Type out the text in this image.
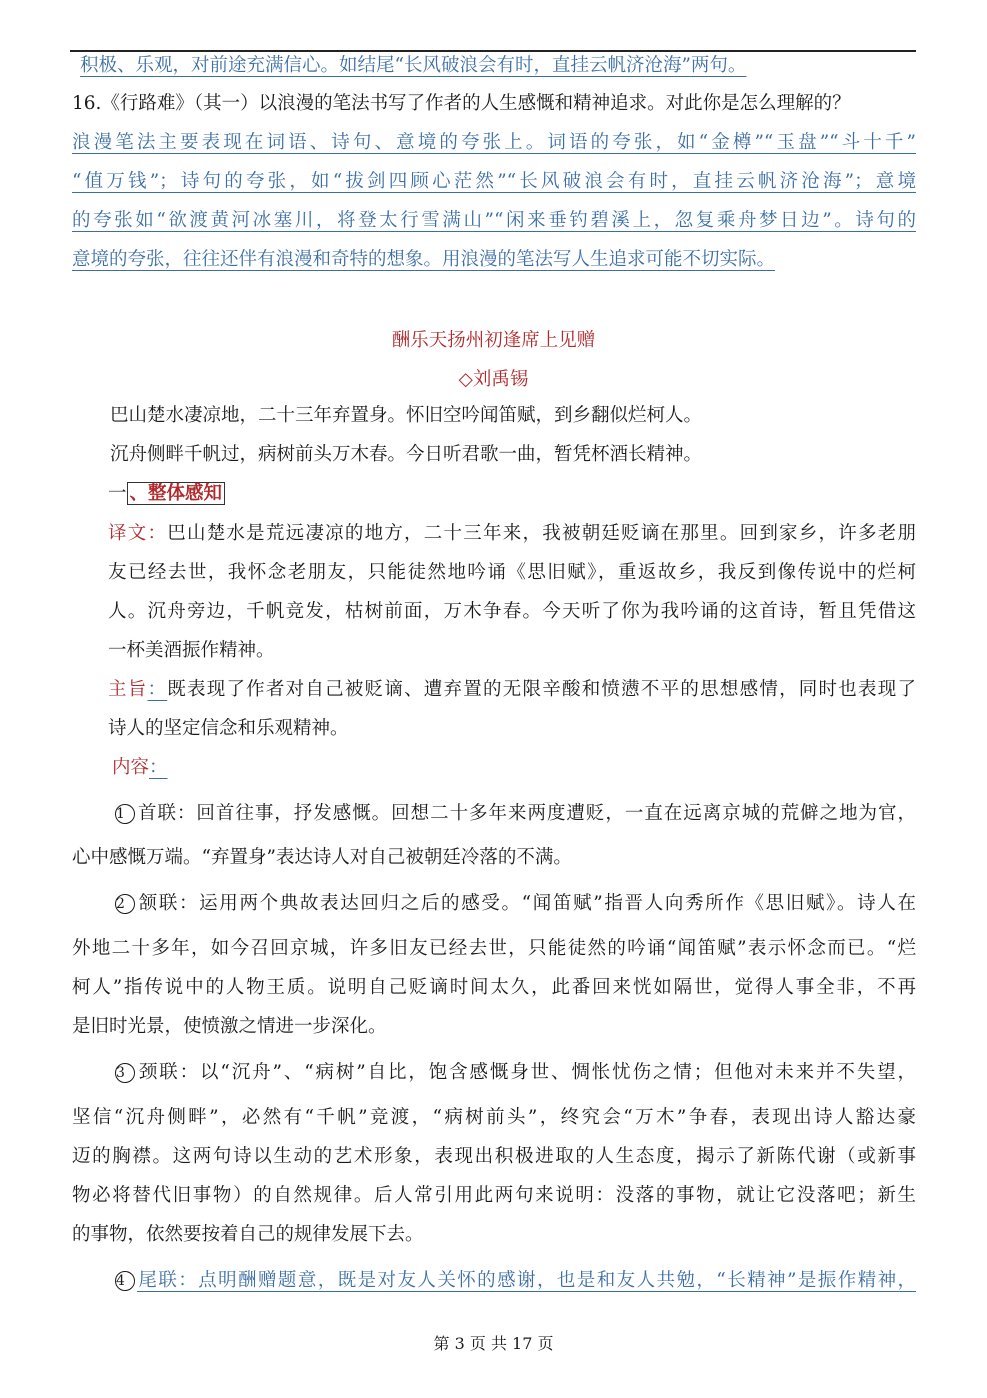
积极、乐观，对前途充满信心。如结尾“长风破浪会有时，直挂云帆济沧海”两句。
16.《行路难》（其一）以浪漫的笔法书写了作者的人生感慨和精神追求。对此你是怎么理解的？
浪漫笔法主要表现在词语、诗句、意境的夸张上。词语的夸张，如“金樽”“玉盘”“斗十千”
“值万钱”；诗句的夸张，如“拔剑四顾心茫然”“长风破浪会有时，直挂云帆济沧海”；意境
的夸张如“欲渡黄河冰塞川，将登太行雪满山”“闲来垂钓碧溪上，忽复乘舟梦日边”。诗句的
意境的夸张，往往还伴有浪漫和奇特的想象。用浪漫的笔法写人生追求可能不切实际。
酬乐天扬州初逢席上见赠
◇刘禹锡
巴山楚水凄凉地，二十三年弃置身。怀旧空吟闻笛赋，到乡翻似烂柯人。
沉舟侧畔千帆过，病树前头万木春。今日听君歌一曲，暂凭杯酒长精神。
一 、整体感知
译文：巴山楚水是荒远凄凉的地方，二十三年来，我被朝廷贬谪在那里。回到家乡，许多老朋
友已经去世，我怀念老朋友，只能徒然地吟诵《思旧赋》，重返故乡，我反到像传说中的烂柯
人。沉舟旁边，千帆竞发，枯树前面，万木争春。今天听了你为我吟诵的这首诗，暂且凭借这
一杯美酒振作精神。
主旨：既表现了作者对自己被贬谪、遭弃置的无限辛酸和愤懑不平的思想感情，同时也表现了
诗人的坚定信念和乐观精神。
内容：
1 首联：回首往事，抒发感慨。回想二十多年来两度遭贬，一直在远离京城的荒僻之地为官，
心中感慨万端。“弃置身”表达诗人对自己被朝廷冷落的不满。
2 颔联：运用两个典故表达回归之后的感受。“闻笛赋”指晋人向秀所作《思旧赋》。诗人在
外地二十多年，如今召回京城，许多旧友已经去世，只能徒然的吟诵“闻笛赋”表示怀念而已。“烂
柯人”指传说中的人物王质。说明自己贬谪时间太久，此番回来恍如隔世，觉得人事全非，不再
是旧时光景，使愤激之情进一步深化。
3 颈联：以“沉舟”、“病树”自比，饱含感慨身世、惆怅忧伤之情；但他对未来并不失望，
坚信“沉舟侧畔”，必然有“千帆”竞渡，“病树前头”，终究会“万木”争春，表现出诗人豁达豪
迈的胸襟。这两句诗以生动的艺术形象，表现出积极进取的人生态度，揭示了新陈代谢（或新事
物必将替代旧事物）的自然规律。后人常引用此两句来说明：没落的事物，就让它没落吧；新生
的事物，依然要按着自己的规律发展下去。
4 尾联：点明酬赠题意，既是对友人关怀的感谢，也是和友人共勉，“长精神”是振作精神，
第 3 页 共 17 页
